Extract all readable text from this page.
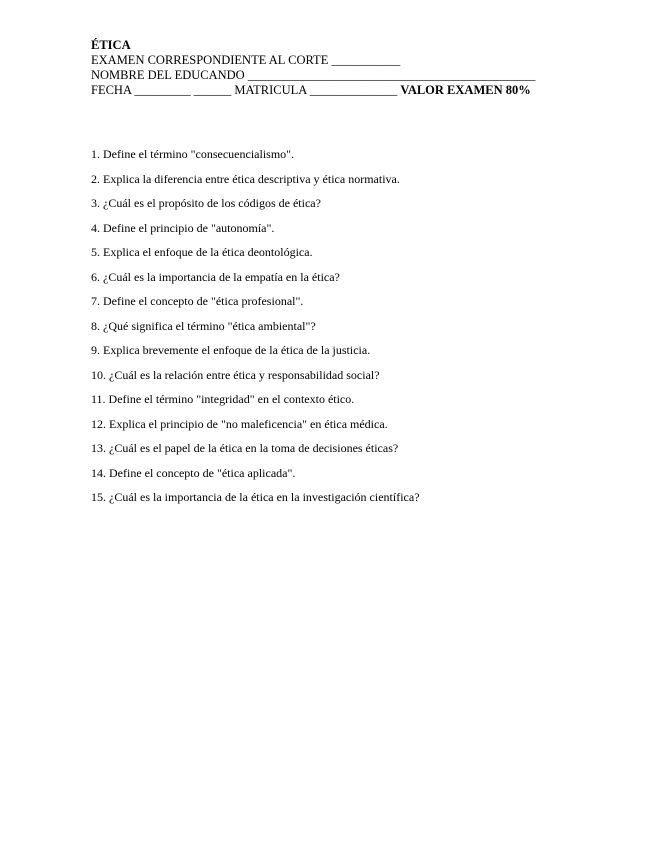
ÉTICA
EXAMEN CORRESPONDIENTE AL CORTE ___________
NOMBRE DEL EDUCANDO ______________________________________________
FECHA _________ ______ MATRICULA ______________ VALOR EXAMEN 80%
1. Define el término "consecuencialismo".
2. Explica la diferencia entre ética descriptiva y ética normativa.
3. ¿Cuál es el propósito de los códigos de ética?
4. Define el principio de "autonomía".
5. Explica el enfoque de la ética deontológica.
6. ¿Cuál es la importancia de la empatía en la ética?
7. Define el concepto de "ética profesional".
8. ¿Qué significa el término "ética ambiental"?
9. Explica brevemente el enfoque de la ética de la justicia.
10. ¿Cuál es la relación entre ética y responsabilidad social?
11. Define el término "integridad" en el contexto ético.
12. Explica el principio de "no maleficencia" en ética médica.
13. ¿Cuál es el papel de la ética en la toma de decisiones éticas?
14. Define el concepto de "ética aplicada".
15. ¿Cuál es la importancia de la ética en la investigación científica?
